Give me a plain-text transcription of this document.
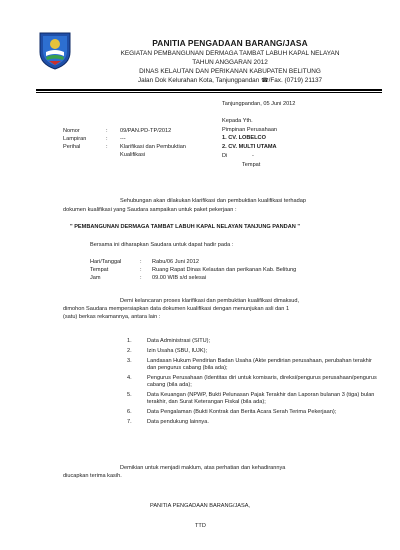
PANITIA PENGADAAN BARANG/JASA
KEGIATAN PEMBANGUNAN DERMAGA TAMBAT LABUH KAPAL NELAYAN
TAHUN ANGGARAN 2012
DINAS KELAUTAN DAN PERIKANAN KABUPATEN BELITUNG
Jalan Dok Kelurahan Kota, Tanjungpandan ☎/Fax. (0719) 21137
Tanjungpandan, 05 Juni 2012
Nomor	: 09/PAN.PD-TP/2012
Lampiran	: ---
Perihal	: Klarifikasi dan Pembuktian
Kualifikasi
Kepada Yth.
Pimpinan Perusahaan
1. CV. LOBELCO
2. CV. MULTI UTAMA
Di	-
Tempat
Sehubungan akan dilakukan klarifikasi dan pembuktian kualifikasi terhadap
dokumen kualifikasi yang Saudara sampaikan untuk paket pekerjaan :
" PEMBANGUNAN DERMAGA TAMBAT LABUH KAPAL NELAYAN TANJUNG PANDAN "
Bersama ini diharapkan Saudara untuk dapat hadir pada :
Hari/Tanggal	: Rabu/06 Juni 2012
Tempat	: Ruang Rapat Dinas Kelautan dan perikanan Kab. Belitung
Jam	: 09.00 WIB s/d selesai
Demi kelancaran proses klarifikasi dan pembuktian kualifikasi dimaksud,
dimohon Saudara mempersiapkan data dokumen kualifikasi dengan menunjukan asli dan 1
(satu) berkas rekamannya, antara lain :
1.	Data Administrasi (SITU);
2.	Izin Usaha (SBU, IUJK);
3.	Landasan Hukum Pendirian Badan Usaha (Akte pendirian perusahaan, perubahan terakhir dan pengurus cabang (bila ada);
4.	Pengurus Perusahaan (Identitas diri untuk komisaris, direksi/pengurus perusahaan/pengurus cabang (bila ada);
5.	Data Keuangan (NPWP, Bukti Pelunasan Pajak Terakhir dan Laporan bulanan 3 (tiga) bulan terakhir, dan Surat Keterangan Fiskal (bila ada);
6.	Data Pengalaman (Bukti Kontrak dan Berita Acara Serah Terima Pekerjaan);
7.	Data pendukung lainnya.
Demikian untuk menjadi maklum, atas perhatian dan kehadirannya
diucapkan terima kasih.
PANITIA PENGADAAN BARANG/JASA,
TTD
